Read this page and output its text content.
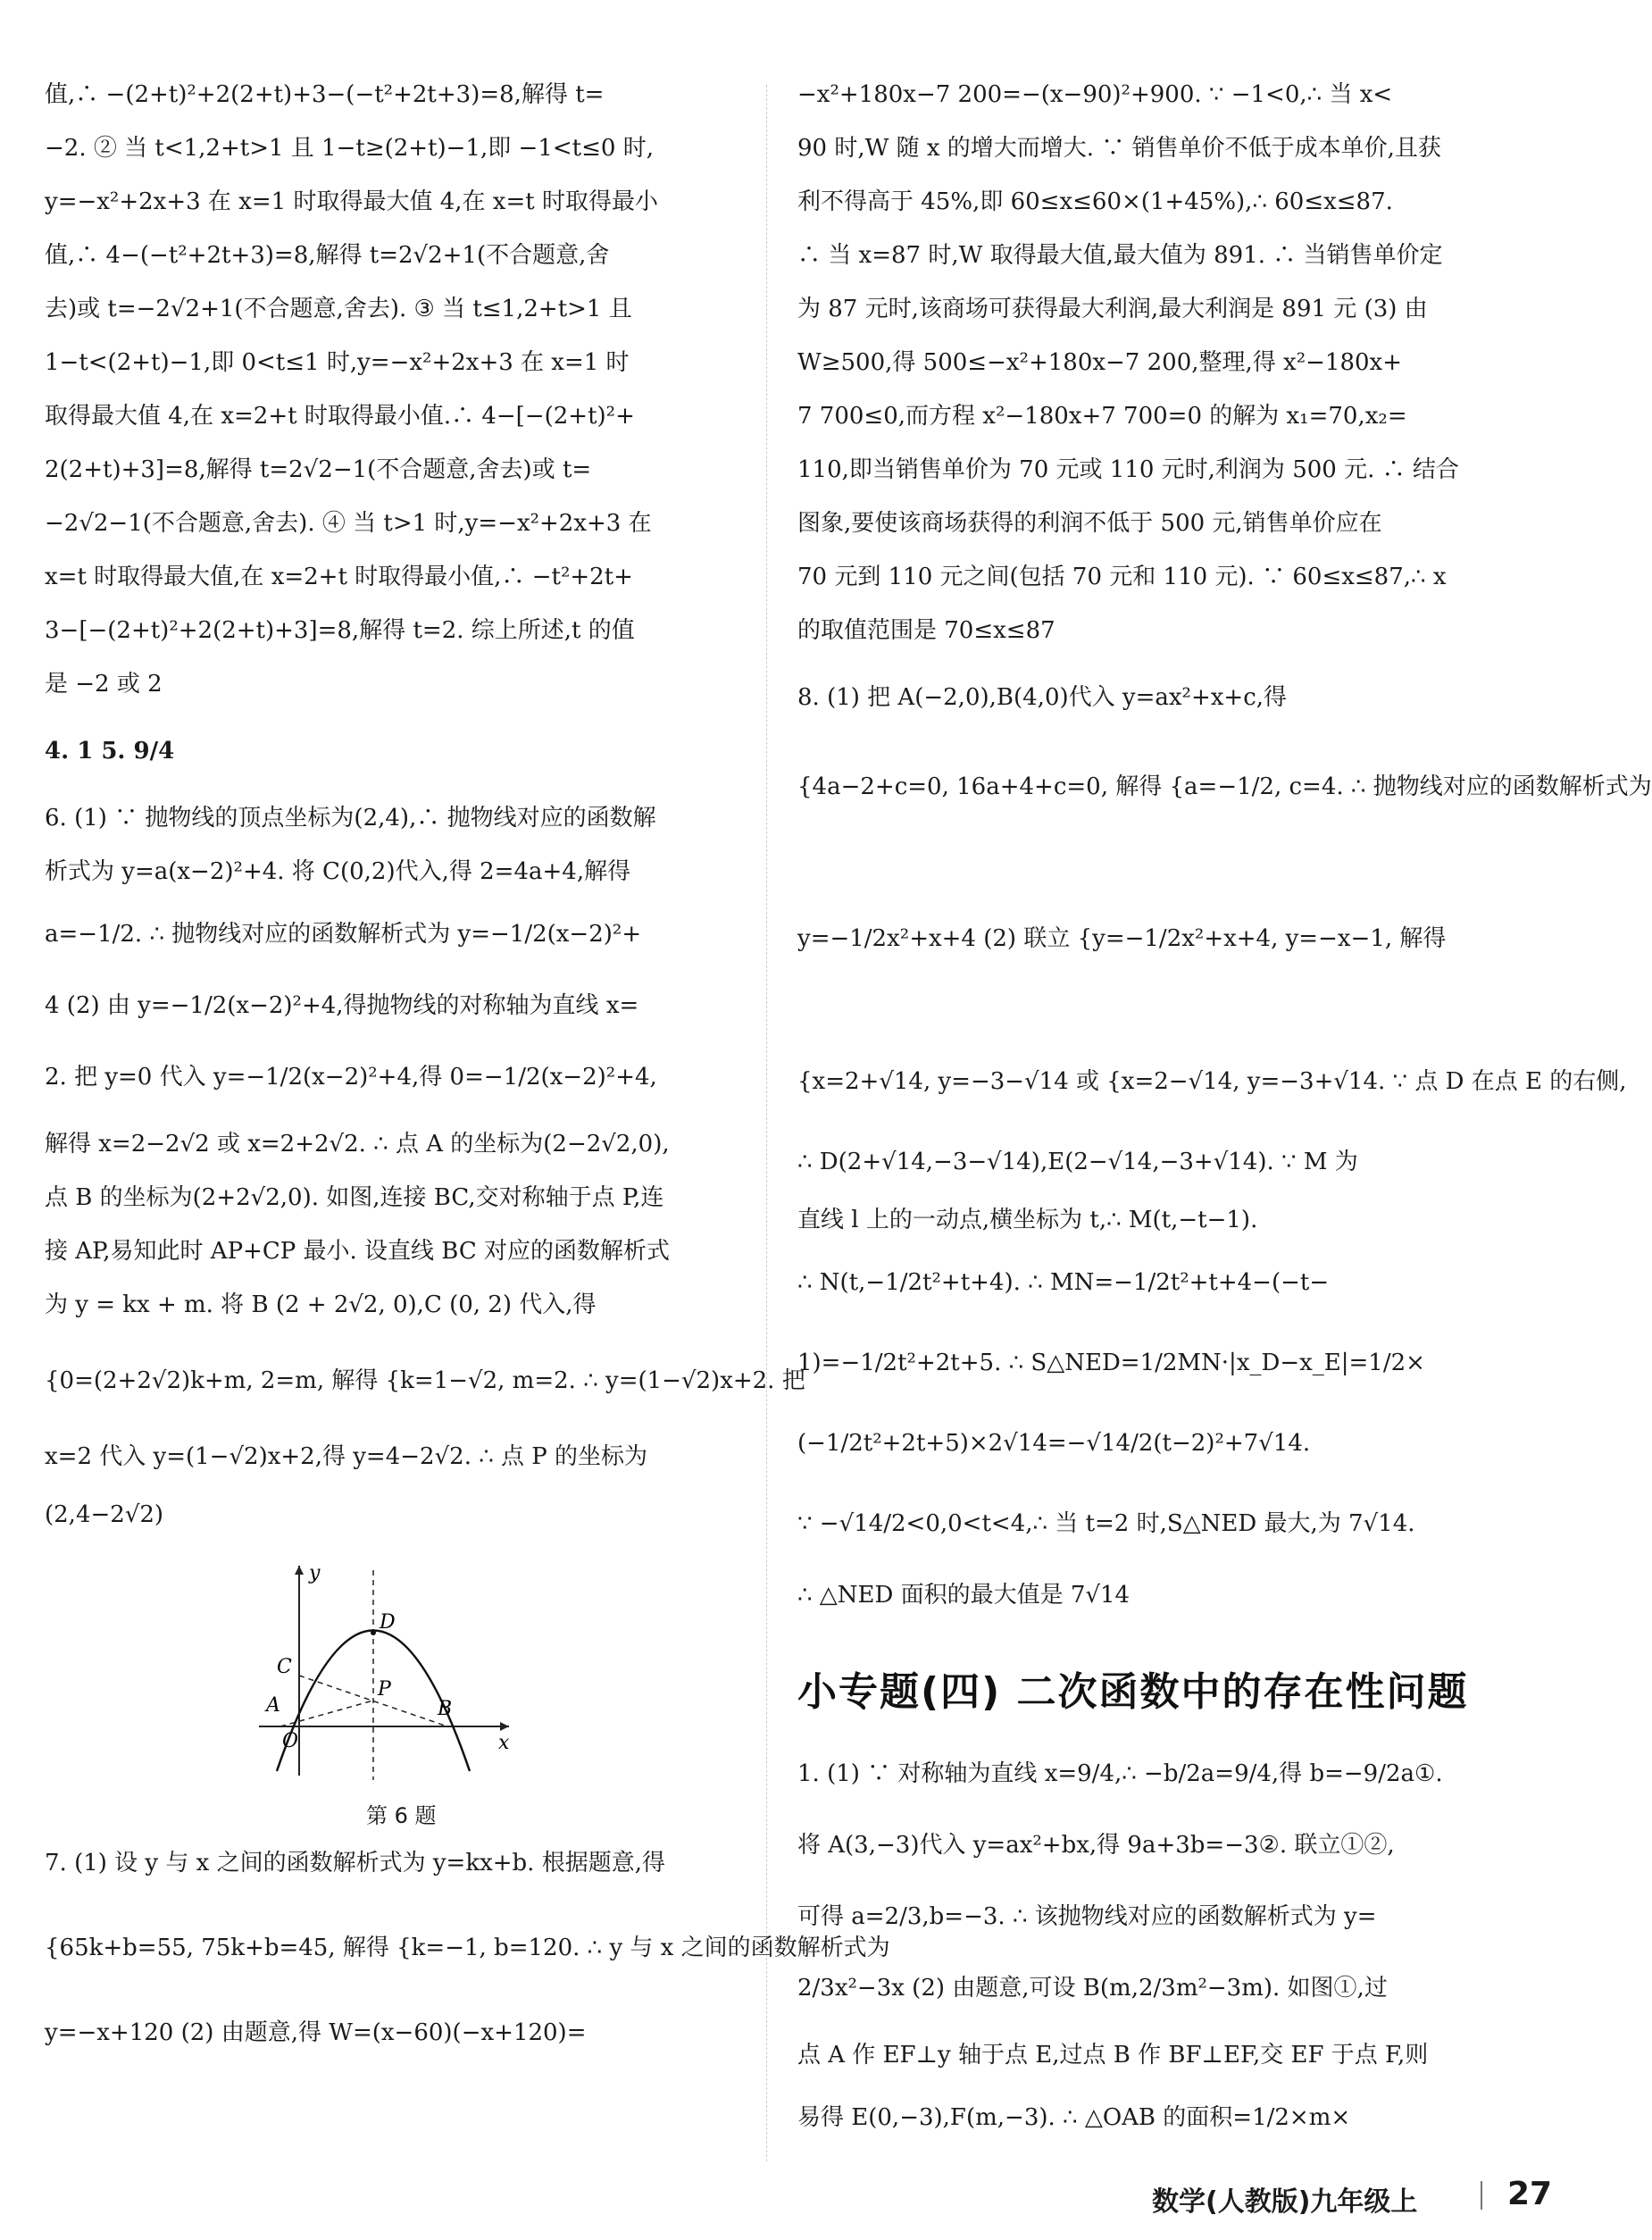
值,∴ −(2+t)²+2(2+t)+3−(−t²+2t+3)=8,解得 t=
−2. ② 当 t<1,2+t>1 且 1−t≥(2+t)−1,即 −1<t≤0 时,
y=−x²+2x+3 在 x=1 时取得最大值 4,在 x=t 时取得最小
值,∴ 4−(−t²+2t+3)=8,解得 t=2√2+1(不合题意,舍
去)或 t=−2√2+1(不合题意,舍去). ③ 当 t≤1,2+t>1 且
1−t<(2+t)−1,即 0<t≤1 时,y=−x²+2x+3 在 x=1 时
取得最大值 4,在 x=2+t 时取得最小值.∴ 4−[−(2+t)²+
2(2+t)+3]=8,解得 t=2√2−1(不合题意,舍去)或 t=
−2√2−1(不合题意,舍去). ④ 当 t>1 时,y=−x²+2x+3 在
x=t 时取得最大值,在 x=2+t 时取得最小值,∴ −t²+2t+
3−[−(2+t)²+2(2+t)+3]=8,解得 t=2. 综上所述,t 的值
是 −2 或 2
4. 1 5. 9/4
6. (1) ∵ 抛物线的顶点坐标为(2,4),∴ 抛物线对应的函数解
析式为 y=a(x−2)²+4. 将 C(0,2)代入,得 2=4a+4,解得
a=−1/2. ∴ 抛物线对应的函数解析式为 y=−1/2(x−2)²+
4 (2) 由 y=−1/2(x−2)²+4,得抛物线的对称轴为直线 x=
2. 把 y=0 代入 y=−1/2(x−2)²+4,得 0=−1/2(x−2)²+4,
解得 x=2−2√2 或 x=2+2√2. ∴ 点 A 的坐标为(2−2√2,0),
点 B 的坐标为(2+2√2,0). 如图,连接 BC,交对称轴于点 P,连
接 AP,易知此时 AP+CP 最小. 设直线 BC 对应的函数解析式
为 y = kx + m. 将 B (2 + 2√2, 0),C (0, 2) 代入,得
{0=(2+2√2)k+m, 2=m, 解得 {k=1−√2, m=2. ∴ y=(1−√2)x+2. 把
x=2 代入 y=(1−√2)x+2,得 y=4−2√2. ∴ 点 P 的坐标为
(2,4−2√2)
A	B
C
D
P
O
y
x
第 6 题
7. (1) 设 y 与 x 之间的函数解析式为 y=kx+b. 根据题意,得
{65k+b=55, 75k+b=45, 解得 {k=−1, b=120. ∴ y 与 x 之间的函数解析式为
y=−x+120 (2) 由题意,得 W=(x−60)(−x+120)=
−x²+180x−7 200=−(x−90)²+900. ∵ −1<0,∴ 当 x<
90 时,W 随 x 的增大而增大. ∵ 销售单价不低于成本单价,且获
利不得高于 45%,即 60≤x≤60×(1+45%),∴ 60≤x≤87.
∴ 当 x=87 时,W 取得最大值,最大值为 891. ∴ 当销售单价定
为 87 元时,该商场可获得最大利润,最大利润是 891 元 (3) 由
W≥500,得 500≤−x²+180x−7 200,整理,得 x²−180x+
7 700≤0,而方程 x²−180x+7 700=0 的解为 x₁=70,x₂=
110,即当销售单价为 70 元或 110 元时,利润为 500 元. ∴ 结合
图象,要使该商场获得的利润不低于 500 元,销售单价应在
70 元到 110 元之间(包括 70 元和 110 元). ∵ 60≤x≤87,∴ x
的取值范围是 70≤x≤87
8. (1) 把 A(−2,0),B(4,0)代入 y=ax²+x+c,得
{4a−2+c=0, 16a+4+c=0, 解得 {a=−1/2, c=4. ∴ 抛物线对应的函数解析式为
y=−1/2x²+x+4 (2) 联立 {y=−1/2x²+x+4, y=−x−1, 解得
{x=2+√14, y=−3−√14 或 {x=2−√14, y=−3+√14. ∵ 点 D 在点 E 的右侧,
∴ D(2+√14,−3−√14),E(2−√14,−3+√14). ∵ M 为
直线 l 上的一动点,横坐标为 t,∴ M(t,−t−1).
∴ N(t,−1/2t²+t+4). ∴ MN=−1/2t²+t+4−(−t−
1)=−1/2t²+2t+5. ∴ S△NED=1/2MN·|x_D−x_E|=1/2×
(−1/2t²+2t+5)×2√14=−√14/2(t−2)²+7√14.
∵ −√14/2<0,0<t<4,∴ 当 t=2 时,S△NED 最大,为 7√14.
∴ △NED 面积的最大值是 7√14
小专题(四) 二次函数中的存在性问题
1. (1) ∵ 对称轴为直线 x=9/4,∴ −b/2a=9/4,得 b=−9/2a①.
将 A(3,−3)代入 y=ax²+bx,得 9a+3b=−3②. 联立①②,
可得 a=2/3,b=−3. ∴ 该抛物线对应的函数解析式为 y=
2/3x²−3x (2) 由题意,可设 B(m,2/3m²−3m). 如图①,过
点 A 作 EF⊥y 轴于点 E,过点 B 作 BF⊥EF,交 EF 于点 F,则
易得 E(0,−3),F(m,−3). ∴ △OAB 的面积=1/2×m×
数学(人教版)九年级上	27
